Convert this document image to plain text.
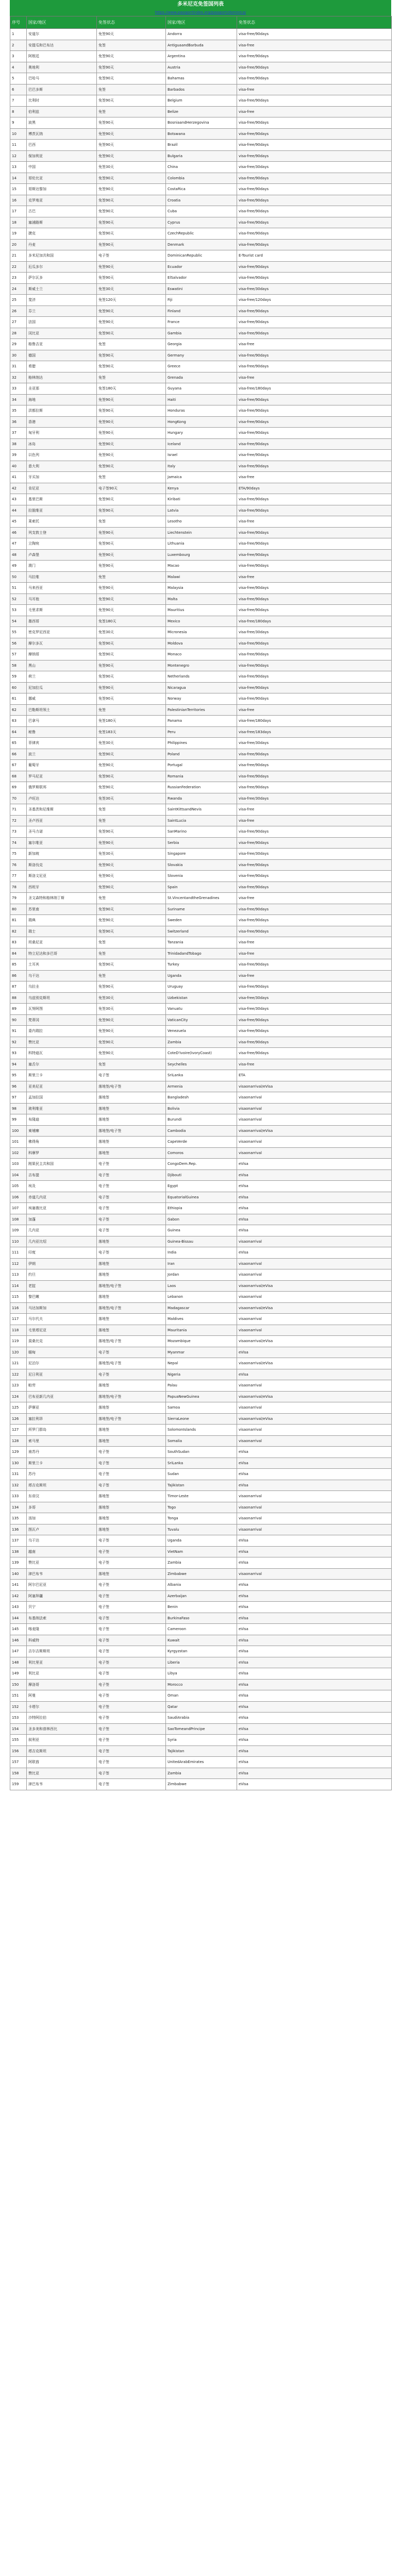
多米尼克免签国列表
https://www.passportindex.org/passport/dominica/
序号	国家/地区	免签状态	国家/地区	免签状态
1	安道尔	免签90天	Andorra	visa-free/90days
2	安提瓜和巴布达	免签	AntiguaandBarbuda	visa-free
3	阿根廷	免签90天	Argentina	visa-free/90days
4	奥地利	免签90天	Austria	visa-free/90days
5	巴哈马	免签90天	Bahamas	visa-free/90days
6	巴巴多斯	免签	Barbados	visa-free
7	比利时	免签90天	Belgium	visa-free/90days
8	伯利兹	免签	Belize	visa-free
9	波黑	免签90天	BosniaandHerzegovina	visa-free/90days
10	博茨瓦纳	免签90天	Botswana	visa-free/90days
11	巴西	免签90天	Brazil	visa-free/90days
12	保加利亚	免签90天	Bulgaria	visa-free/90days
13	中国	免签30天	China	visa-free/30days
14	哥伦比亚	免签90天	Colombia	visa-free/90days
15	哥斯达黎加	免签90天	CostaRica	visa-free/90days
16	克罗地亚	免签90天	Croatia	visa-free/90days
17	古巴	免签90天	Cuba	visa-free/90days
18	塞浦路斯	免签90天	Cyprus	visa-free/90days
19	捷克	免签90天	CzechRepublic	visa-free/90days
20	丹麦	免签90天	Denmark	visa-free/90days
21	多米尼加共和国	电子签	DominicanRepublic	E-Tourist card
22	厄瓜多尔	免签90天	Ecuador	visa-free/90days
23	萨尔瓦多	免签90天	ElSalvador	visa-free/90days
24	斯威士兰	免签30天	Eswatini	visa-free/30days
25	斐济	免签120天	Fiji	visa-free/120days
26	芬兰	免签90天	Finland	visa-free/90days
27	法国	免签90天	France	visa-free/90days
28	冈比亚	免签90天	Gambia	visa-free/90days
29	格鲁吉亚	免签	Georgia	visa-free
30	德国	免签90天	Germany	visa-free/90days
31	希腊	免签90天	Greece	visa-free/90days
32	格林纳达	免签	Grenada	visa-free
33	圭亚那	免签180天	Guyana	visa-free/180days
34	海地	免签90天	Haiti	visa-free/90days
35	洪都拉斯	免签90天	Honduras	visa-free/90days
36	香港	免签90天	HongKong	visa-free/90days
37	匈牙利	免签90天	Hungary	visa-free/90days
38	冰岛	免签90天	Iceland	visa-free/90days
39	以色列	免签90天	Israel	visa-free/90days
40	意大利	免签90天	Italy	visa-free/90days
41	牙买加	免签	Jamaica	visa-free
42	肯尼亚	电子签90天	Kenya	ETA/90days
43	基里巴斯	免签90天	Kiribati	visa-free/90days
44	拉脱维亚	免签90天	Latvia	visa-free/90days
45	莱索托	免签	Lesotho	visa-free
46	列支敦士登	免签90天	Liechtenstein	visa-free/90days
47	立陶宛	免签90天	Lithuania	visa-free/90days
48	卢森堡	免签90天	Luxembourg	visa-free/90days
49	澳门	免签90天	Macao	visa-free/90days
50	马拉维	免签	Malawi	visa-free
51	马来西亚	免签90天	Malaysia	visa-free/90days
52	马耳他	免签90天	Malta	visa-free/90days
53	毛里求斯	免签90天	Mauritius	visa-free/90days
54	墨西哥	免签180天	Mexico	visa-free/180days
55	密克罗尼西亚	免签30天	Micronesia	visa-free/30days
56	摩尔多瓦	免签90天	Moldova	visa-free/90days
57	摩纳哥	免签90天	Monaco	visa-free/90days
58	黑山	免签90天	Montenegro	visa-free/90days
59	荷兰	免签90天	Netherlands	visa-free/90days
60	尼加拉瓜	免签90天	Nicaragua	visa-free/90days
61	挪威	免签90天	Norway	visa-free/90days
62	巴勒斯坦领土	免签	PalestinianTerritories	visa-free
63	巴拿马	免签180天	Panama	visa-free/180days
64	秘鲁	免签183天	Peru	visa-free/183days
65	菲律宾	免签30天	Philippines	visa-free/30days
66	波兰	免签90天	Poland	visa-free/90days
67	葡萄牙	免签90天	Portugal	visa-free/90days
68	罗马尼亚	免签90天	Romania	visa-free/90days
69	俄罗斯联邦	免签90天	RussianFederation	visa-free/90days
70	卢旺达	免签30天	Rwanda	visa-free/30days
71	圣基茨和尼维斯	免签	SaintKittsandNevis	visa-free
72	圣卢西亚	免签	SaintLucia	visa-free
73	圣马力诺	免签90天	SanMarino	visa-free/90days
74	塞尔维亚	免签90天	Serbia	visa-free/90days
75	新加坡	免签30天	Singapore	visa-free/30days
76	斯洛伐克	免签90天	Slovakia	visa-free/90days
77	斯洛文尼亚	免签90天	Slovenia	visa-free/90days
78	西班牙	免签90天	Spain	visa-free/90days
79	圣文森特和格林纳丁斯	免签	St.VincentandtheGrenadines	visa-free
80	苏里南	免签90天	Suriname	visa-free/90days
81	瑞典	免签90天	Sweden	visa-free/90days
82	瑞士	免签90天	Switzerland	visa-free/90days
83	坦桑尼亚	免签	Tanzania	visa-free
84	特立尼达和多巴哥	免签	TrinidadandTobago	visa-free
85	土耳其	免签90天	Turkey	visa-free/90days
86	乌干达	免签	Uganda	visa-free
87	乌拉圭	免签90天	Uruguay	visa-free/90days
88	乌兹别克斯坦	免签30天	Uzbekistan	visa-free/30days
89	瓦努阿图	免签30天	Vanuatu	visa-free/30days
90	梵蒂冈	免签90天	VaticanCity	visa-free/90days
91	委内瑞拉	免签90天	Venezuela	visa-free/90days
92	赞比亚	免签90天	Zambia	visa-free/90days
93	科特迪瓦	免签90天	CoteD'Ivoire(IvoryCoast)	visa-free/90days
94	塞舌尔	免签	Seychelles	visa-free
95	斯里兰卡	电子签	SriLanka	ETA
96	亚美尼亚	落地签/电子签	Armenia	visaonarrival/eVisa
97	孟加拉国	落地签	Bangladesh	visaonarrival
98	玻利维亚	落地签	Bolivia	visaonarrival
99	布隆迪	落地签	Burundi	visaonarrival
100	柬埔寨	落地签/电子签	Cambodia	visaonarrival/eVisa
101	佛得角	落地签	CapeVerde	visaonarrival
102	科摩罗	落地签	Comoros	visaonarrival
103	刚果民主共和国	电子签	CongoDem.Rep.	eVisa
104	吉布提	电子签	Djibouti	eVisa
105	埃及	电子签	Egypt	eVisa
106	赤道几内亚	电子签	EquatorialGuinea	eVisa
107	埃塞俄比亚	电子签	Ethiopia	eVisa
108	加蓬	电子签	Gabon	eVisa
109	几内亚	电子签	Guinea	eVisa
110	几内亚比绍	落地签	Guinea-Bissau	visaonarrival
111	印度	电子签	India	eVisa
112	伊朗	落地签	Iran	visaonarrival
113	约旦	落地签	Jordan	visaonarrival
114	老挝	落地签/电子签	Laos	visaonarrival/eVisa
115	黎巴嫩	落地签	Lebanon	visaonarrival
116	马达加斯加	落地签/电子签	Madagascar	visaonarrival/eVisa
117	马尔代夫	落地签	Maldives	visaonarrival
118	毛里塔尼亚	落地签	Mauritania	visaonarrival
119	莫桑比克	落地签/电子签	Mozambique	visaonarrival/eVisa
120	缅甸	电子签	Myanmar	eVisa
121	尼泊尔	落地签/电子签	Nepal	visaonarrival/eVisa
122	尼日利亚	电子签	Nigeria	eVisa
123	帕劳	落地签	Palau	visaonarrival
124	巴布亚新几内亚	落地签/电子签	PapuaNewGuinea	visaonarrival/eVisa
125	萨摩亚	落地签	Samoa	visaonarrival
126	塞拉利昂	落地签/电子签	SierraLeone	visaonarrival/eVisa
127	所罗门群岛	落地签	SolomonIslands	visaonarrival
128	索马里	落地签	Somalia	visaonarrival
129	南苏丹	电子签	SouthSudan	eVisa
130	斯里兰卡	电子签	SriLanka	eVisa
131	苏丹	电子签	Sudan	eVisa
132	塔吉克斯坦	电子签	Tajikistan	eVisa
133	东帝汶	落地签	Timor-Leste	visaonarrival
134	多哥	落地签	Togo	visaonarrival
135	汤加	落地签	Tonga	visaonarrival
136	图瓦卢	落地签	Tuvalu	visaonarrival
137	乌干达	电子签	Uganda	eVisa
138	越南	电子签	VietNam	eVisa
139	赞比亚	电子签	Zambia	eVisa
140	津巴布韦	落地签	Zimbabwe	visaonarrival
141	阿尔巴尼亚	电子签	Albania	eVisa
142	阿塞拜疆	电子签	Azerbaijan	eVisa
143	贝宁	电子签	Benin	eVisa
144	布基纳法索	电子签	BurkinaFaso	eVisa
145	喀麦隆	电子签	Cameroon	eVisa
146	科威特	电子签	Kuwait	eVisa
147	吉尔吉斯斯坦	电子签	Kyrgyzstan	eVisa
148	利比里亚	电子签	Liberia	eVisa
149	利比亚	电子签	Libya	eVisa
150	摩洛哥	电子签	Morocco	eVisa
151	阿曼	电子签	Oman	eVisa
152	卡塔尔	电子签	Qatar	eVisa
153	沙特阿拉伯	电子签	SaudiArabia	eVisa
154	圣多美和普林西比	电子签	SaoTomeandPrincipe	eVisa
155	叙利亚	电子签	Syria	eVisa
156	塔吉克斯坦	电子签	Tajikistan	eVisa
157	阿联酋	电子签	UnitedArabEmirates	eVisa
158	赞比亚	电子签	Zambia	eVisa
159	津巴布韦	电子签	Zimbabwe	eVisa
